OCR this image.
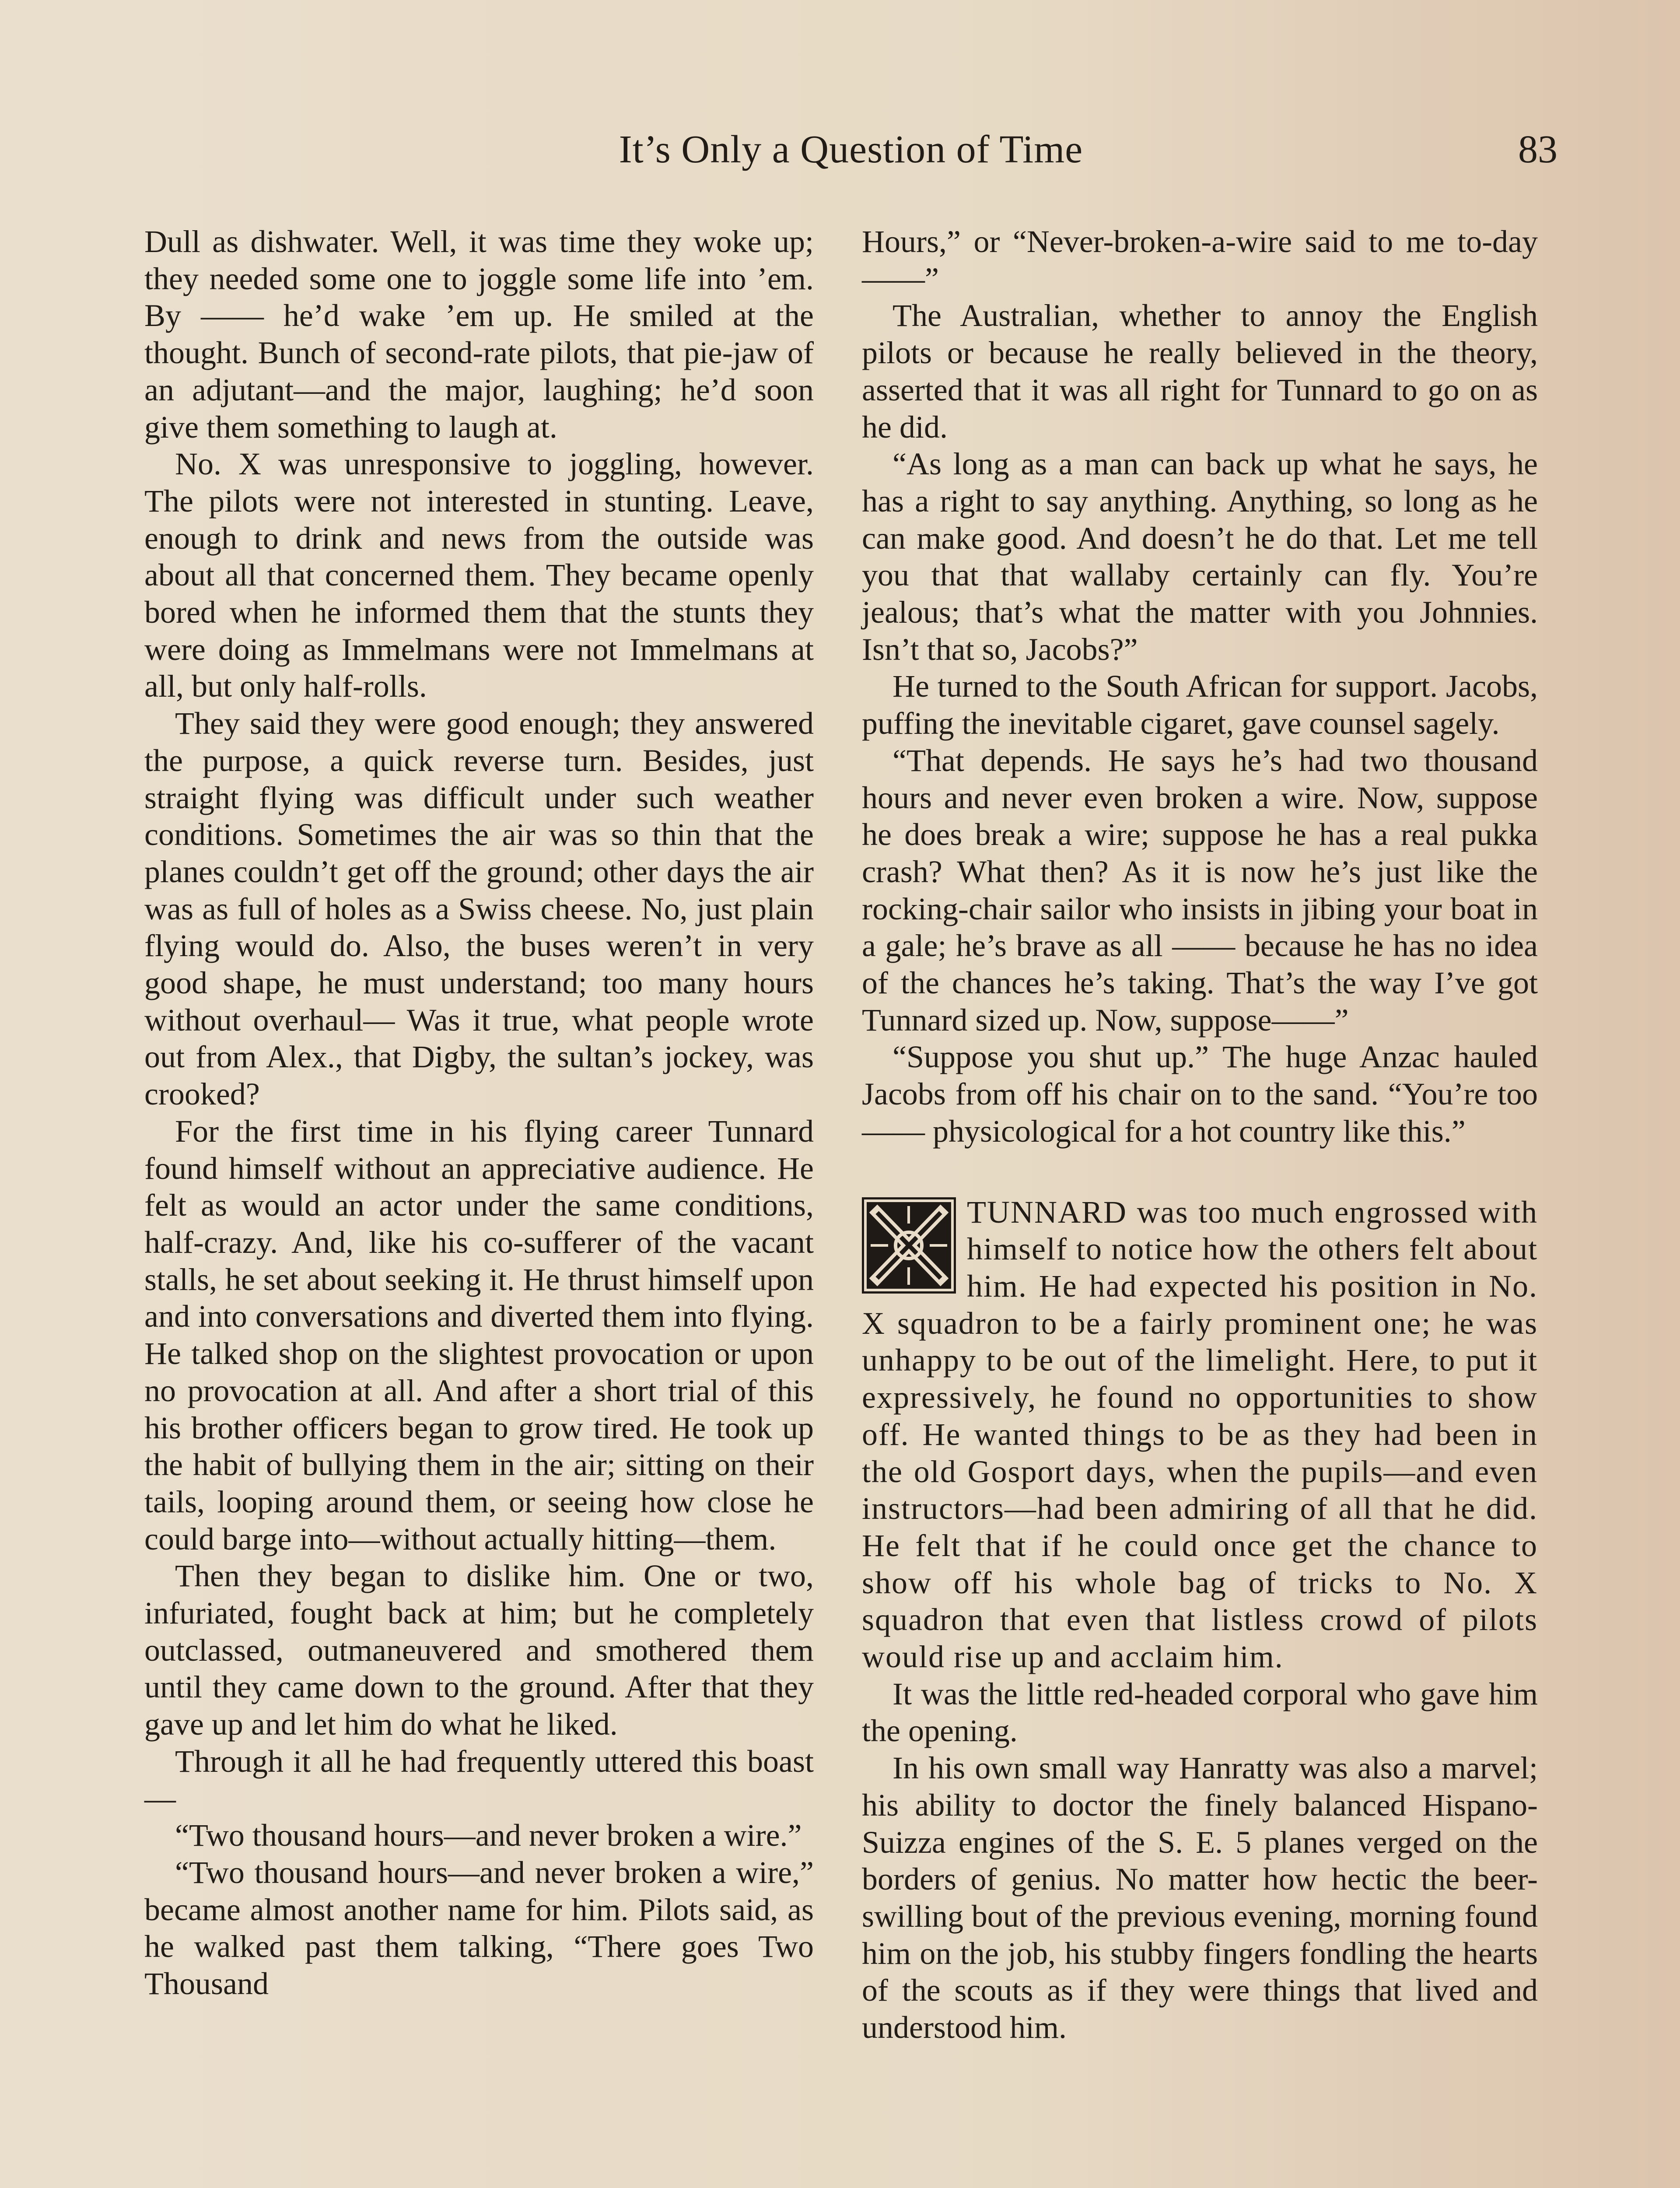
It’s Only a Question of Time	83

Dull as dishwater. Well, it was time they woke up; they needed some one to joggle some life into ’em. By —— he’d wake ’em up. He smiled at the thought. Bunch of second-rate pilots, that pie-jaw of an adjutant—and the major, laughing; he’d soon give them something to laugh at.

No. X was unresponsive to joggling, however. The pilots were not interested in stunting. Leave, enough to drink and news from the outside was about all that concerned them. They became openly bored when he informed them that the stunts they were doing as Immelmans were not Immelmans at all, but only half-rolls.

They said they were good enough; they answered the purpose, a quick reverse turn. Besides, just straight flying was difficult under such weather conditions. Sometimes the air was so thin that the planes couldn’t get off the ground; other days the air was as full of holes as a Swiss cheese. No, just plain flying would do. Also, the buses weren’t in very good shape, he must understand; too many hours without overhaul— Was it true, what people wrote out from Alex., that Digby, the sultan’s jockey, was crooked?

For the first time in his flying career Tunnard found himself without an appreciative audience. He felt as would an actor under the same conditions, half-crazy. And, like his co-sufferer of the vacant stalls, he set about seeking it. He thrust himself upon and into conversations and diverted them into flying. He talked shop on the slightest provocation or upon no provocation at all. And after a short trial of this his brother officers began to grow tired. He took up the habit of bullying them in the air; sitting on their tails, looping around them, or seeing how close he could barge into—without actually hitting—them.

Then they began to dislike him. One or two, infuriated, fought back at him; but he completely outclassed, outmaneuvered and smothered them until they came down to the ground. After that they gave up and let him do what he liked.

Through it all he had frequently uttered this boast—

“Two thousand hours—and never broken a wire.”

“Two thousand hours—and never broken a wire,” became almost another name for him. Pilots said, as he walked past them talking, “There goes Two Thousand

Hours,” or “Never-broken-a-wire said to me to-day——”

The Australian, whether to annoy the English pilots or because he really believed in the theory, asserted that it was all right for Tunnard to go on as he did.

“As long as a man can back up what he says, he has a right to say anything. Anything, so long as he can make good. And doesn’t he do that. Let me tell you that that wallaby certainly can fly. You’re jealous; that’s what the matter with you Johnnies. Isn’t that so, Jacobs?”

He turned to the South African for support. Jacobs, puffing the inevitable cigaret, gave counsel sagely.

“That depends. He says he’s had two thousand hours and never even broken a wire. Now, suppose he does break a wire; suppose he has a real pukka crash? What then? As it is now he’s just like the rocking-chair sailor who insists in jibing your boat in a gale; he’s brave as all —— because he has no idea of the chances he’s taking. That’s the way I’ve got Tunnard sized up. Now, suppose——”

“Suppose you shut up.” The huge Anzac hauled Jacobs from off his chair on to the sand. “You’re too —— physicological for a hot country like this.”

TUNNARD was too much engrossed with himself to notice how the others felt about him. He had expected his position in No. X squadron to be a fairly prominent one; he was unhappy to be out of the limelight. Here, to put it expressively, he found no opportunities to show off. He wanted things to be as they had been in the old Gosport days, when the pupils—and even instructors—had been admiring of all that he did. He felt that if he could once get the chance to show off his whole bag of tricks to No. X squadron that even that listless crowd of pilots would rise up and acclaim him.

It was the little red-headed corporal who gave him the opening.

In his own small way Hanratty was also a marvel; his ability to doctor the finely balanced Hispano-Suizza engines of the S. E. 5 planes verged on the borders of genius. No matter how hectic the beer-swilling bout of the previous evening, morning found him on the job, his stubby fingers fondling the hearts of the scouts as if they were things that lived and understood him.
